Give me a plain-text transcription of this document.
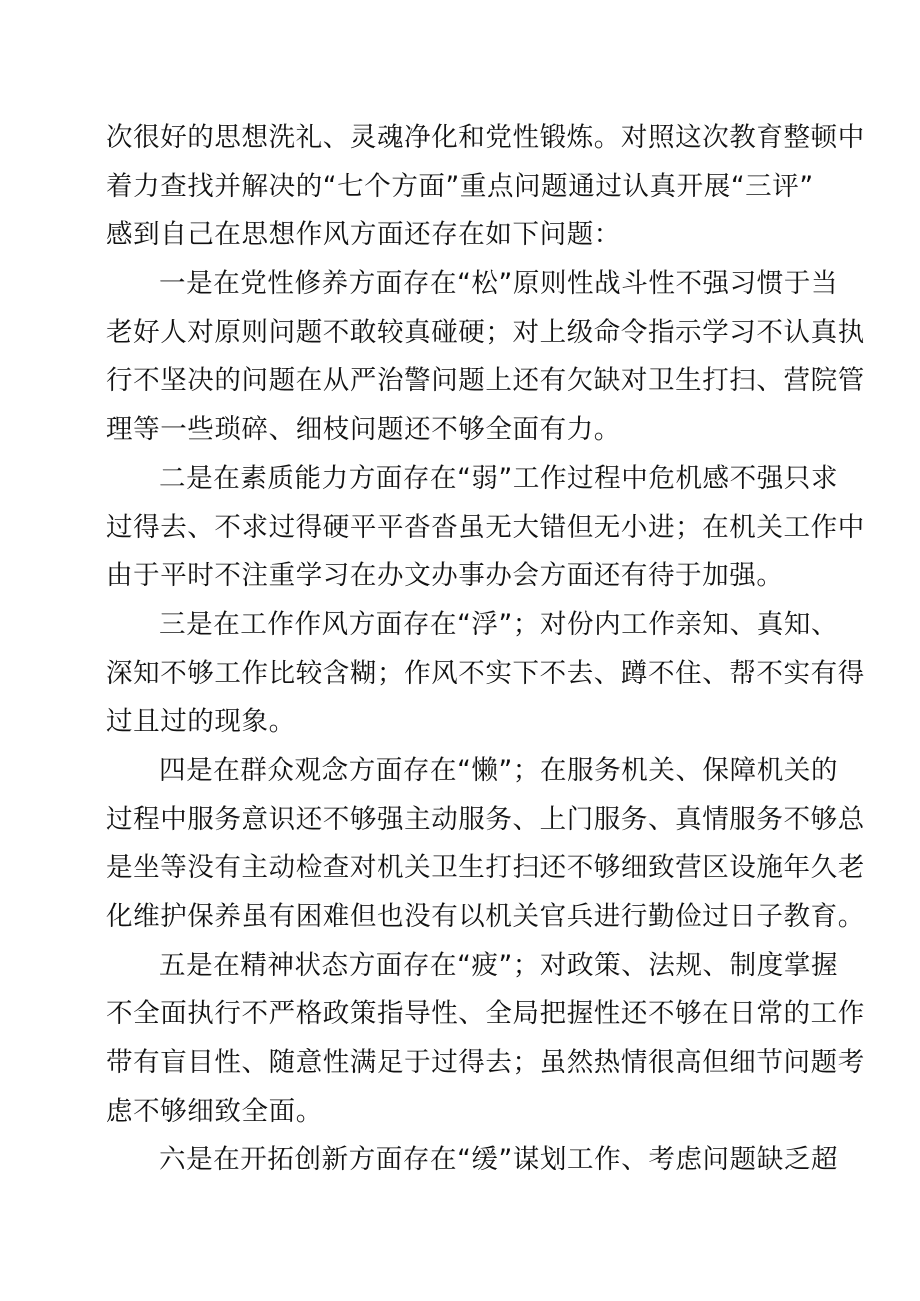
次很好的思想洗礼、灵魂净化和党性锻炼。对照这次教育整顿中
着力查找并解决的“七个方面”重点问题通过认真开展“三评”
感到自己在思想作风方面还存在如下问题：
一是在党性修养方面存在“松”原则性战斗性不强习惯于当
老好人对原则问题不敢较真碰硬；对上级命令指示学习不认真执
行不坚决的问题在从严治警问题上还有欠缺对卫生打扫、营院管
理等一些琐碎、细枝问题还不够全面有力。
二是在素质能力方面存在“弱”工作过程中危机感不强只求
过得去、不求过得硬平平沓沓虽无大错但无小进；在机关工作中
由于平时不注重学习在办文办事办会方面还有待于加强。
三是在工作作风方面存在“浮”；对份内工作亲知、真知、
深知不够工作比较含糊；作风不实下不去、蹲不住、帮不实有得
过且过的现象。
四是在群众观念方面存在“懒”；在服务机关、保障机关的
过程中服务意识还不够强主动服务、上门服务、真情服务不够总
是坐等没有主动检查对机关卫生打扫还不够细致营区设施年久老
化维护保养虽有困难但也没有以机关官兵进行勤俭过日子教育。
五是在精神状态方面存在“疲”；对政策、法规、制度掌握
不全面执行不严格政策指导性、全局把握性还不够在日常的工作
带有盲目性、随意性满足于过得去；虽然热情很高但细节问题考
虑不够细致全面。
六是在开拓创新方面存在“缓”谋划工作、考虑问题缺乏超
